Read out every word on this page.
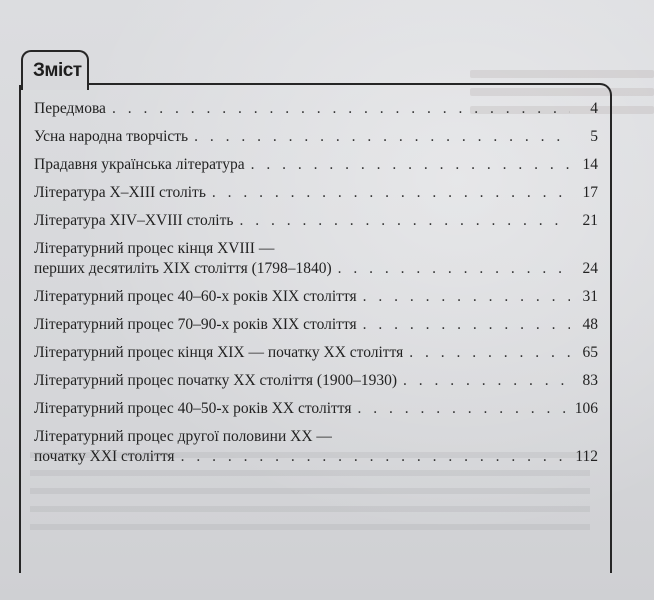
Зміст
Передмова . . .	4
Усна народна творчість . . .	5
Прадавня українська література . . .	14
Література Х–ХІІІ століть . . .	17
Література XIV–XVIII століть . . .	21
Літературний процес кінця XVIII —
перших десятиліть XIX століття (1798–1840) . . .	24
Літературний процес 40–60-х років XIX століття . . .	31
Літературний процес 70–90-х років XIX століття . . .	48
Літературний процес кінця XIX — початку XX століття . . .	65
Літературний процес початку XX століття (1900–1930) . . .	83
Літературний процес 40–50-х років XX століття . . .	106
Літературний процес другої половини XX —
початку XXI століття . . .	112
